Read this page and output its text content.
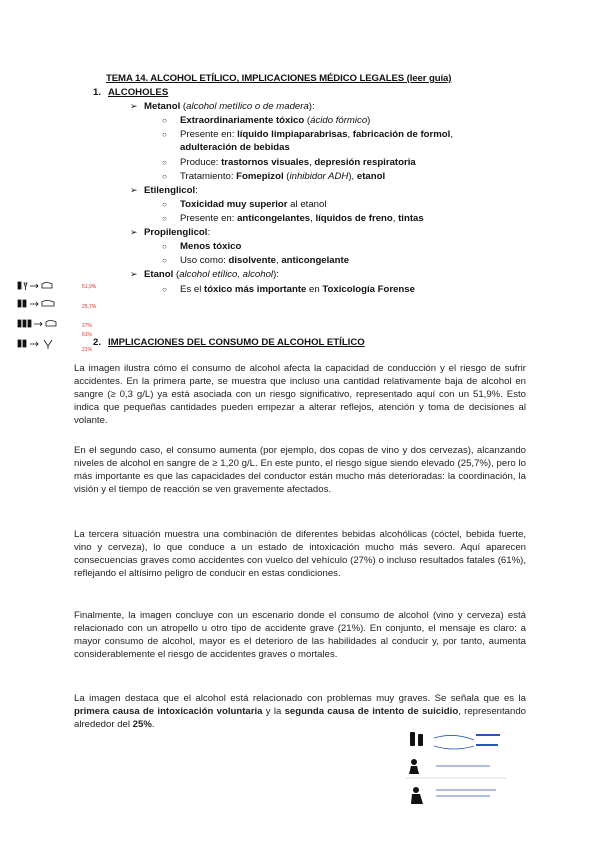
TEMA 14. ALCOHOL ETÍLICO, IMPLICACIONES MÉDICO LEGALES (leer guía)
1. ALCOHOLES
➢ Metanol (alcohol metílico o de madera):
○ Extraordinariamente tóxico (ácido fórmico)
○ Presente en: líquido limpiaparabrisas, fabricación de formol,
adulteración de bebidas
○ Produce: trastornos visuales, depresión respiratoria
○ Tratamiento: Fomepizol (inhibidor ADH), etanol
➢ Etilenglicol:
○ Toxicidad muy superior al etanol
○ Presente en: anticongelantes, líquidos de freno, tintas
➢ Propilenglicol:
○ Menos tóxico
○ Uso como: disolvente, anticongelante
➢ Etanol (alcohol etílico, alcohol):
○ Es el tóxico más importante en Toxicología Forense
51,9%
25,7%
27%
61%
21%
2. IMPLICACIONES DEL CONSUMO DE ALCOHOL ETÍLICO
La imagen ilustra cómo el consumo de alcohol afecta la capacidad de conducción y el riesgo de sufrir accidentes. En la primera parte, se muestra que incluso una cantidad relativamente baja de alcohol en sangre (≥ 0,3 g/L) ya está asociada con un riesgo significativo, representado aquí con un 51,9%. Esto indica que pequeñas cantidades pueden empezar a alterar reflejos, atención y toma de decisiones al volante.
En el segundo caso, el consumo aumenta (por ejemplo, dos copas de vino y dos cervezas), alcanzando niveles de alcohol en sangre de ≥ 1,20 g/L. En este punto, el riesgo sigue siendo elevado (25,7%), pero lo más importante es que las capacidades del conductor están mucho más deterioradas: la coordinación, la visión y el tiempo de reacción se ven gravemente afectados.
La tercera situación muestra una combinación de diferentes bebidas alcohólicas (cóctel, bebida fuerte, vino y cerveza), lo que conduce a un estado de intoxicación mucho más severo. Aquí aparecen consecuencias graves como accidentes con vuelco del vehículo (27%) o incluso resultados fatales (61%), reflejando el altísimo peligro de conducir en estas condiciones.
Finalmente, la imagen concluye con un escenario donde el consumo de alcohol (vino y cerveza) está relacionado con un atropello u otro tipo de accidente grave (21%). En conjunto, el mensaje es claro: a mayor consumo de alcohol, mayor es el deterioro de las habilidades al conducir y, por tanto, aumenta considerablemente el riesgo de accidentes graves o mortales.
La imagen destaca que el alcohol está relacionado con problemas muy graves. Se señala que es la primera causa de intoxicación voluntaria y la segunda causa de intento de suicidio, representando alrededor del 25%.
